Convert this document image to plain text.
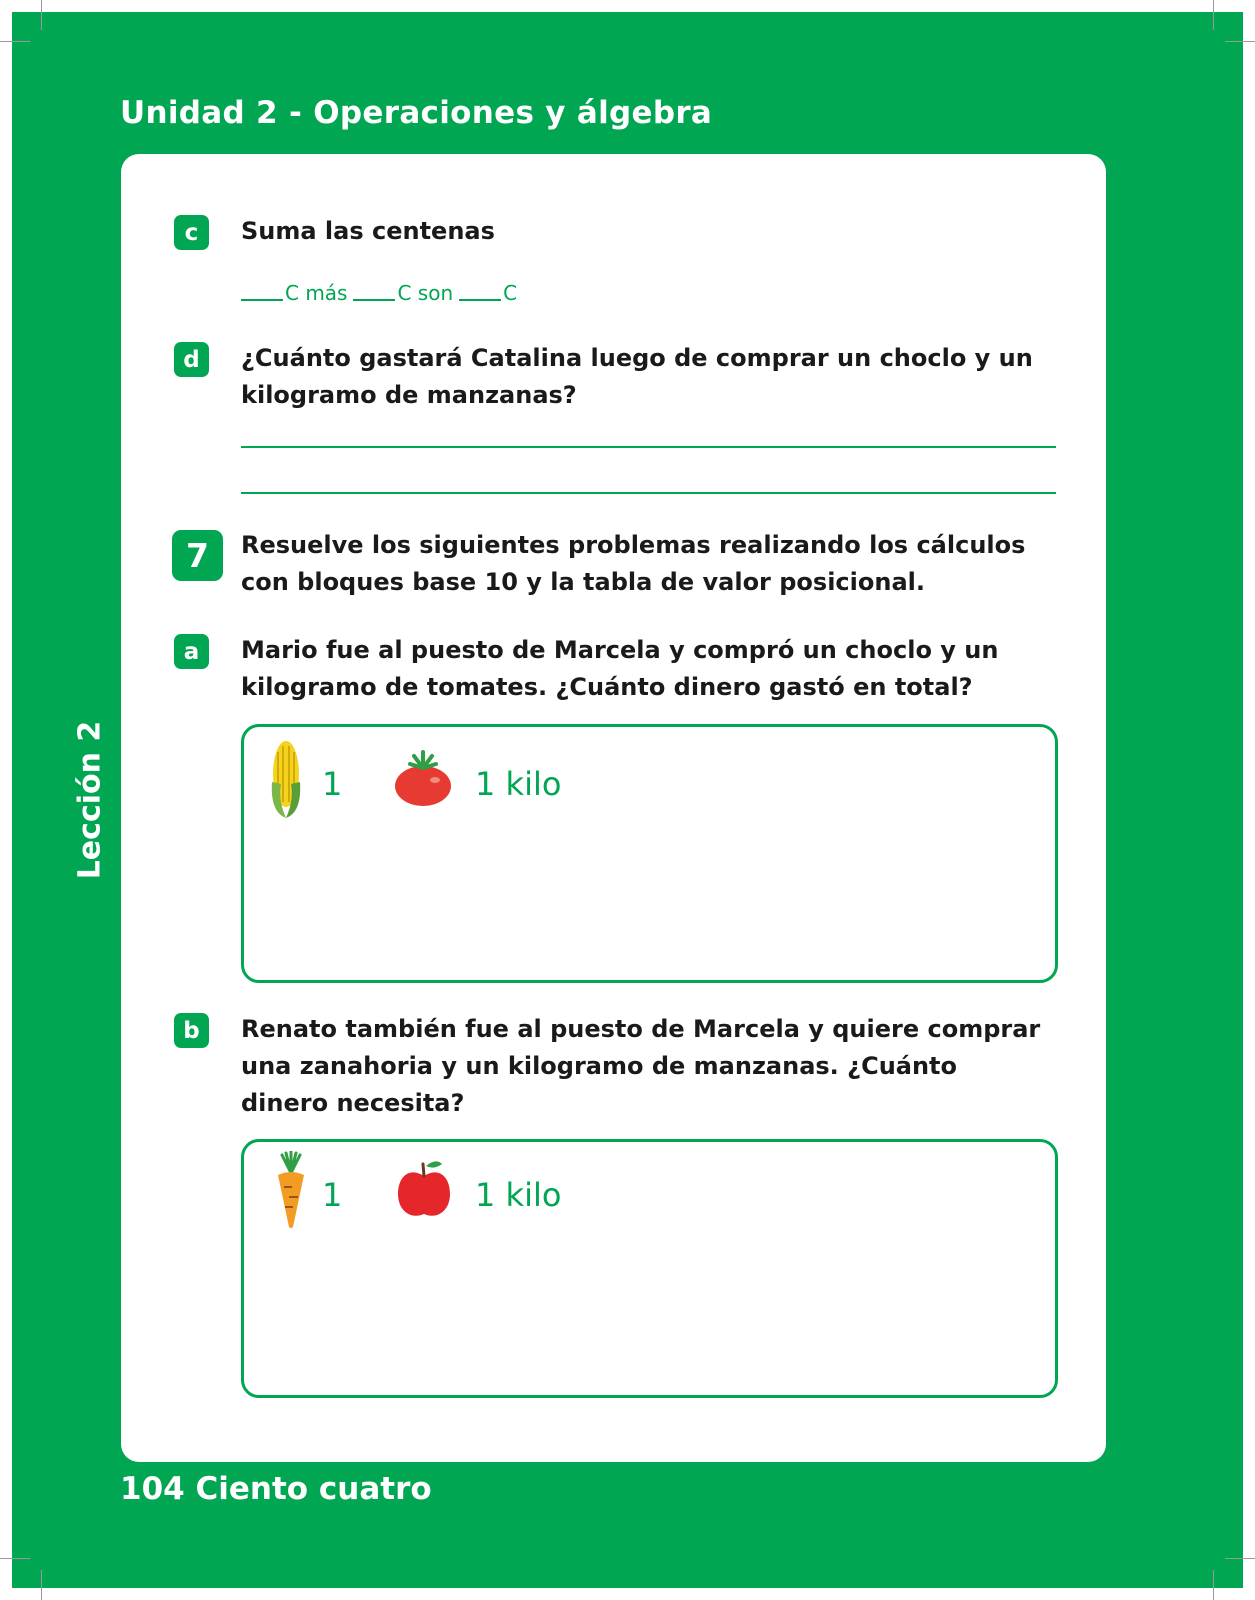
Unidad 2 - Operaciones y álgebra
Lección 2
104 Ciento cuatro
c	Suma las centenas
C más	C son	C
d	¿Cuánto gastará Catalina luego de comprar un choclo y un kilogramo de manzanas?
7	Resuelve los siguientes problemas realizando los cálculos con bloques base 10 y la tabla de valor posicional.
a	Mario fue al puesto de Marcela y compró un choclo y un kilogramo de tomates. ¿Cuánto dinero gastó en total?
1	1 kilo
b	Renato también fue al puesto de Marcela y quiere comprar una zanahoria y un kilogramo de manzanas. ¿Cuánto dinero necesita?
1	1 kilo
